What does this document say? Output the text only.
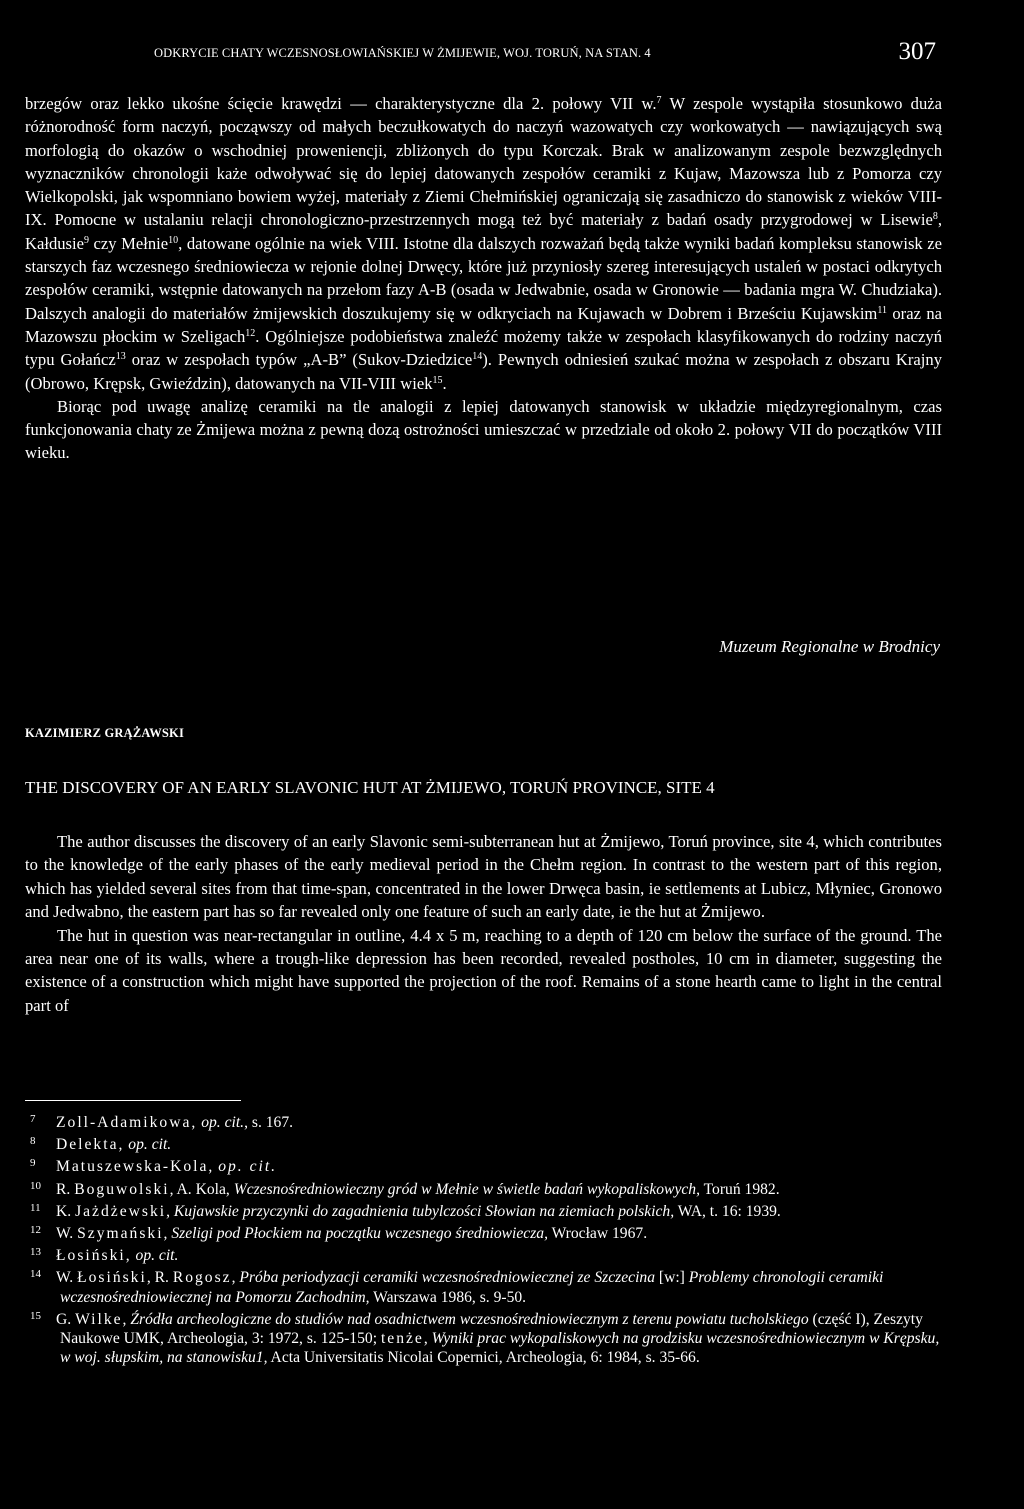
ODKRYCIE CHATY WCZESNOSŁOWIAŃSKIEJ W ŻMIJEWIE, WOJ. TORUŃ, NA STAN. 4	307

brzegów oraz lekko ukośne ścięcie krawędzi — charakterystyczne dla 2. połowy VII w.$^7$ W zespole wystąpiła stosunkowo duża różnorodność form naczyń, począwszy od małych beczułkowatych do naczyń wazowatych czy workowatych — nawiązujących swą morfologią do okazów o wschodniej proweniencji, zbliżonych do typu Korczak. Brak w analizowanym zespole bezwzględnych wyznaczników chronologii każe odwoływać się do lepiej datowanych zespołów ceramiki z Kujaw, Mazowsza lub z Pomorza czy Wielkopolski, jak wspomniano bowiem wyżej, materiały z Ziemi Chełmińskiej ograniczają się zasadniczo do stanowisk z wieków VIII-IX. Pomocne w ustalaniu relacji chronologiczno-przestrzennych mogą też być materiały z badań osady przygrodowej w Lisewie$^8$, Kałdusie$^9$ czy Mełnie$^{10}$, datowane ogólnie na wiek VIII. Istotne dla dalszych rozważań będą także wyniki badań kompleksu stanowisk ze starszych faz wczesnego średniowiecza w rejonie dolnej Drwęcy, które już przyniosły szereg interesujących ustaleń w postaci odkrytych zespołów ceramiki, wstępnie datowanych na przełom fazy A-B (osada w Jedwabnie, osada w Gronowie — badania mgra W. Chudziaka). Dalszych analogii do materiałów żmijewskich doszukujemy się w odkryciach na Kujawach w Dobrem i Brześciu Kujawskim$^{11}$ oraz na Mazowszu płockim w Szeligach$^{12}$. Ogólniejsze podobieństwa znaleźć możemy także w zespołach klasyfikowanych do rodziny naczyń typu Gołańcz$^{13}$ oraz w zespołach typów „A-B” (Sukov-Dziedzice$^{14}$). Pewnych odniesień szukać można w zespołach z obszaru Krajny (Obrowo, Krępsk, Gwieździn), datowanych na VII-VIII wiek$^{15}$.

Biorąc pod uwagę analizę ceramiki na tle analogii z lepiej datowanych stanowisk w układzie międzyregionalnym, czas funkcjonowania chaty ze Żmijewa można z pewną dozą ostrożności umieszczać w przedziale od około 2. połowy VII do początków VIII wieku.

Muzeum Regionalne w Brodnicy
KAZIMIERZ GRĄŻAWSKI
THE DISCOVERY OF AN EARLY SLAVONIC HUT AT ŻMIJEWO, TORUŃ PROVINCE, SITE 4

The author discusses the discovery of an early Slavonic semi-subterranean hut at Żmijewo, Toruń province, site 4, which contributes to the knowledge of the early phases of the early medieval period in the Chełm region. In contrast to the western part of this region, which has yielded several sites from that time-span, concentrated in the lower Drwęca basin, ie settlements at Lubicz, Młyniec, Gronowo and Jedwabno, the eastern part has so far revealed only one feature of such an early date, ie the hut at Żmijewo.

The hut in question was near-rectangular in outline, 4.4 x 5 m, reaching to a depth of 120 cm below the surface of the ground. The area near one of its walls, where a trough-like depression has been recorded, revealed postholes, 10 cm in diameter, suggesting the existence of a construction which might have supported the projection of the roof. Remains of a stone hearth came to light in the central part of

7 Zoll-Adamikowa, op. cit., s. 167.

8 Delekta, op. cit.

9 Matuszewska-Kola, op. cit.

10 R. Boguwolski, A. Kola, Wczesnośredniowieczny gród w Mełnie w świetle badań wykopaliskowych, Toruń 1982.

11 K. Jażdżewski, Kujawskie przyczynki do zagadnienia tubylczości Słowian na ziemiach polskich, WA, t. 16: 1939.

12 W. Szymański, Szeligi pod Płockiem na początku wczesnego średniowiecza, Wrocław 1967.

13 Łosiński, op. cit.

14 W. Łosiński, R. Rogosz, Próba periodyzacji ceramiki wczesnośredniowiecznej ze Szczecina [w:] Problemy chronologii ceramiki wczesnośredniowiecznej na Pomorzu Zachodnim, Warszawa 1986, s. 9-50.

15 G. Wilke, Źródła archeologiczne do studiów nad osadnictwem wczesnośredniowiecznym z terenu powiatu tucholskiego (część I), Zeszyty Naukowe UMK, Archeologia, 3: 1972, s. 125-150; tenże, Wyniki prac wykopaliskowych na grodzisku wczesnośredniowiecznym w Krępsku, w woj. słupskim, na stanowisku1, Acta Universitatis Nicolai Copernici, Archeologia, 6: 1984, s. 35-66.
